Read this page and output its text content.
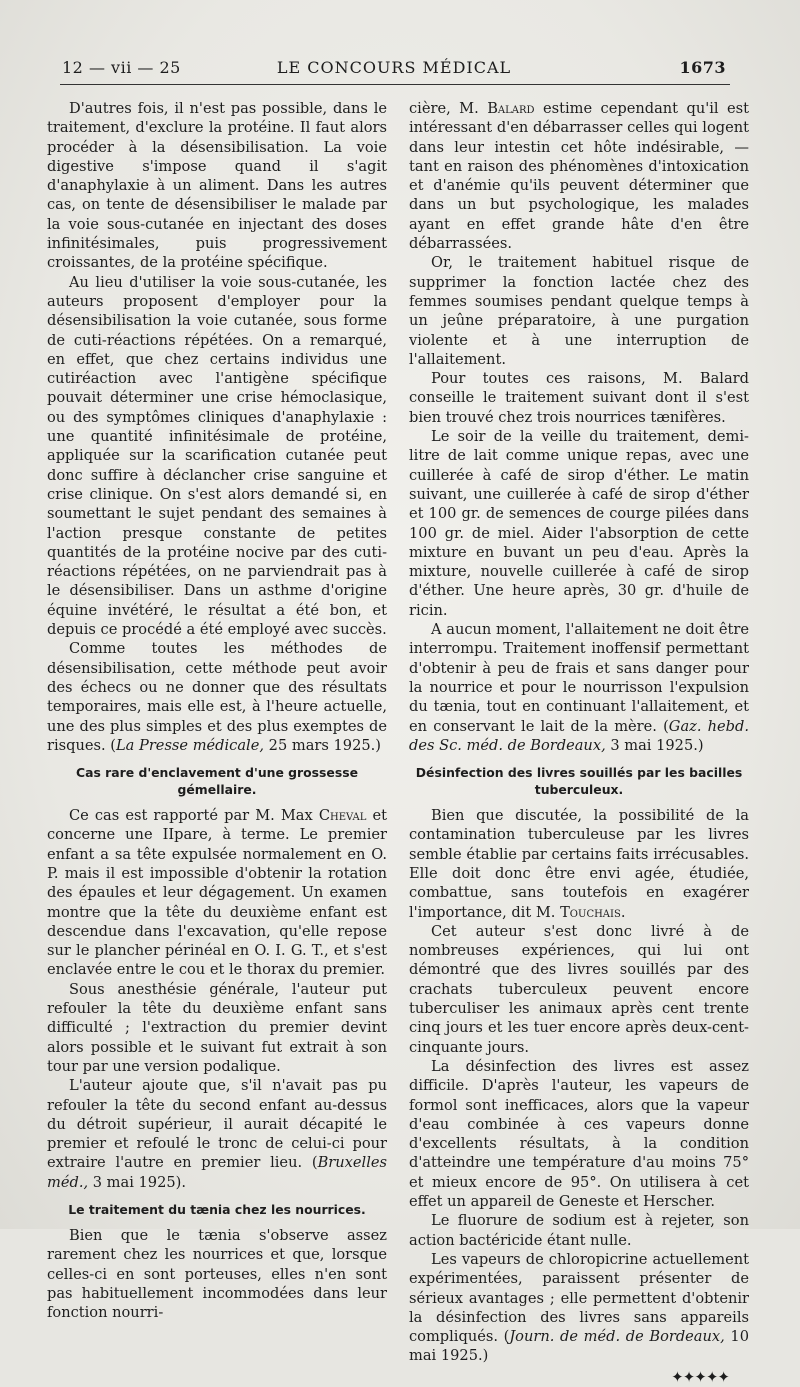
12 — vii — 25	LE CONCOURS MÉDICAL	1673

D'autres fois, il n'est pas possible, dans le traitement, d'exclure la protéine. Il faut alors procéder à la désensibilisation. La voie digestive s'impose quand il s'agit d'anaphylaxie à un aliment. Dans les autres cas, on tente de désensibiliser le malade par la voie sous-cutanée en injectant des doses infinitésimales, puis progressivement croissantes, de la protéine spécifique.

Au lieu d'utiliser la voie sous-cutanée, les auteurs proposent d'employer pour la désensibilisation la voie cutanée, sous forme de cuti-réactions répétées. On a remarqué, en effet, que chez certains individus une cutiréaction avec l'antigène spécifique pouvait déterminer une crise hémoclasique, ou des symptômes cliniques d'anaphylaxie : une quantité infinitésimale de protéine, appliquée sur la scarification cutanée peut donc suffire à déclancher crise sanguine et crise clinique. On s'est alors demandé si, en soumettant le sujet pendant des semaines à l'action presque constante de petites quantités de la protéine nocive par des cuti-réactions répétées, on ne parviendrait pas à le désensibiliser. Dans un asthme d'origine équine invétéré, le résultat a été bon, et depuis ce procédé a été employé avec succès.

Comme toutes les méthodes de désensibilisation, cette méthode peut avoir des échecs ou ne donner que des résultats temporaires, mais elle est, à l'heure actuelle, une des plus simples et des plus exemptes de risques. (La Presse médicale, 25 mars 1925.)

Cas rare d'enclavement d'une grossesse gémellaire.

Ce cas est rapporté par M. Max Cheval et concerne une IIpare, à terme. Le premier enfant a sa tête expulsée normalement en O. P. mais il est impossible d'obtenir la rotation des épaules et leur dégagement. Un examen montre que la tête du deuxième enfant est descendue dans l'excavation, qu'elle repose sur le plancher périnéal en O. I. G. T., et s'est enclavée entre le cou et le thorax du premier.

Sous anesthésie générale, l'auteur put refouler la tête du deuxième enfant sans difficulté ; l'extraction du premier devint alors possible et le suivant fut extrait à son tour par une version podalique.

L'auteur ajoute que, s'il n'avait pas pu refouler la tête du second enfant au-dessus du détroit supérieur, il aurait décapité le premier et refoulé le tronc de celui-ci pour extraire l'autre en premier lieu. (Bruxelles méd., 3 mai 1925).

Le traitement du tænia chez les nourrices.

Bien que le tænia s'observe assez rarement chez les nourrices et que, lorsque celles-ci en sont porteuses, elles n'en sont pas habituellement incommodées dans leur fonction nourri-

cière, M. Balard estime cependant qu'il est intéressant d'en débarrasser celles qui logent dans leur intestin cet hôte indésirable, — tant en raison des phénomènes d'intoxication et d'anémie qu'ils peuvent déterminer que dans un but psychologique, les malades ayant en effet grande hâte d'en être débarrassées.

Or, le traitement habituel risque de supprimer la fonction lactée chez des femmes soumises pendant quelque temps à un jeûne préparatoire, à une purgation violente et à une interruption de l'allaitement.

Pour toutes ces raisons, M. Balard conseille le traitement suivant dont il s'est bien trouvé chez trois nourrices tænifères.

Le soir de la veille du traitement, demi-litre de lait comme unique repas, avec une cuillerée à café de sirop d'éther. Le matin suivant, une cuillerée à café de sirop d'éther et 100 gr. de semences de courge pilées dans 100 gr. de miel. Aider l'absorption de cette mixture en buvant un peu d'eau. Après la mixture, nouvelle cuillerée à café de sirop d'éther. Une heure après, 30 gr. d'huile de ricin.

A aucun moment, l'allaitement ne doit être interrompu. Traitement inoffensif permettant d'obtenir à peu de frais et sans danger pour la nourrice et pour le nourrisson l'expulsion du tænia, tout en continuant l'allaitement, et en conservant le lait de la mère. (Gaz. hebd. des Sc. méd. de Bordeaux, 3 mai 1925.)

Désinfection des livres souillés par les bacilles tuberculeux.

Bien que discutée, la possibilité de la contamination tuberculeuse par les livres semble établie par certains faits irrécusables. Elle doit donc être envi agée, étudiée, combattue, sans toutefois en exagérer l'importance, dit M. Touchais.

Cet auteur s'est donc livré à de nombreuses expériences, qui lui ont démontré que des livres souillés par des crachats tuberculeux peuvent encore tuberculiser les animaux après cent trente cinq jours et les tuer encore après deux-cent-cinquante jours.

La désinfection des livres est assez difficile. D'après l'auteur, les vapeurs de formol sont inefficaces, alors que la vapeur d'eau combinée à ces vapeurs donne d'excellents résultats, à la condition d'atteindre une température d'au moins 75° et mieux encore de 95°. On utilisera à cet effet un appareil de Geneste et Herscher.

Le fluorure de sodium est à rejeter, son action bactéricide étant nulle.

Les vapeurs de chloropicrine actuellement expérimentées, paraissent présenter de sérieux avantages ; elle permettent d'obtenir la désinfection des livres sans appareils compliqués. (Journ. de méd. de Bordeaux, 10 mai 1925.)

✦✦✦✦✦
